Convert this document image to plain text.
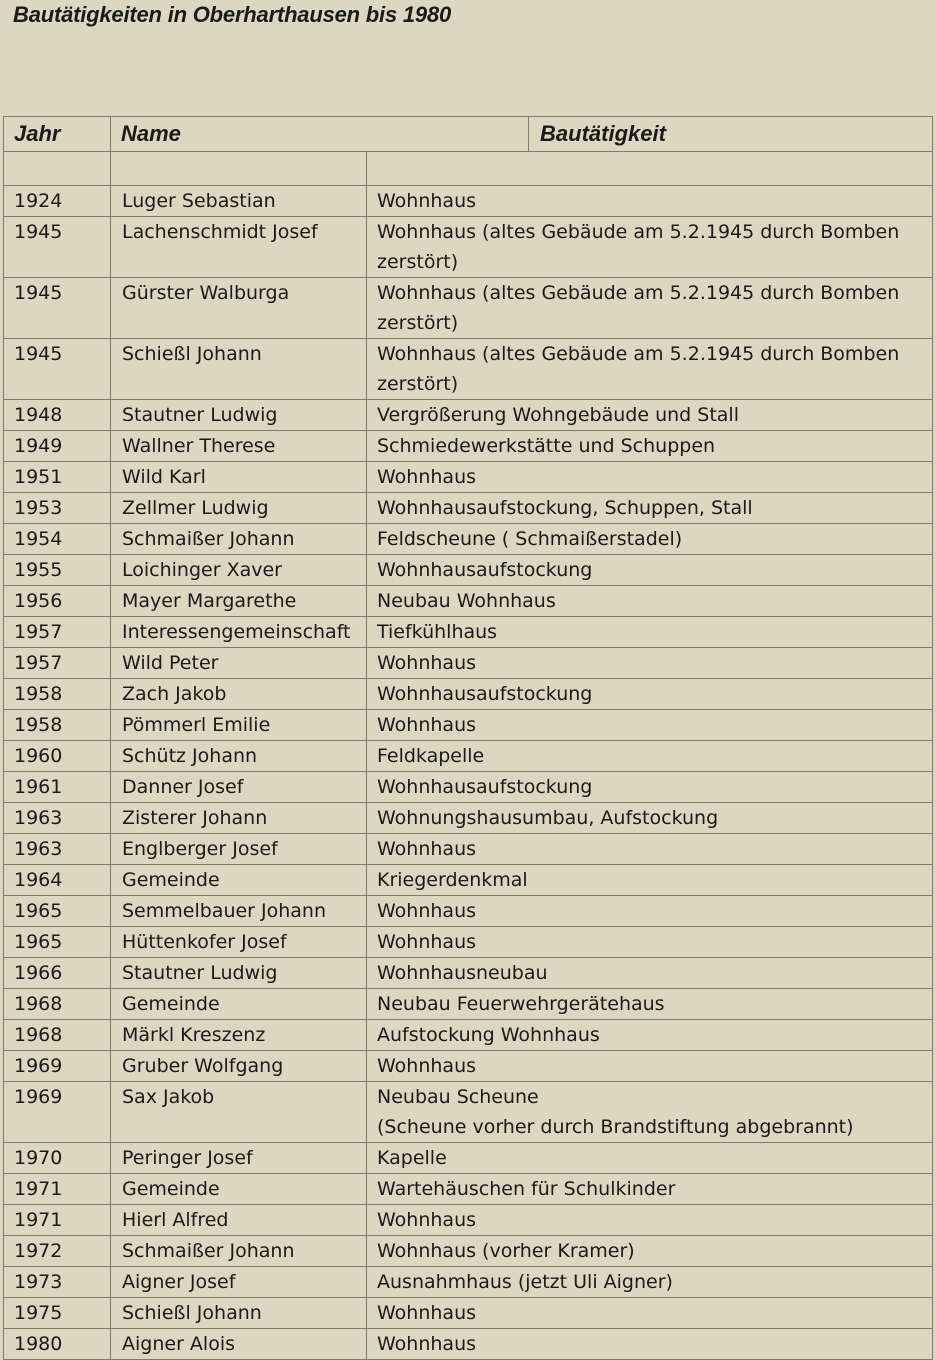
Bautätigkeiten in Oberharthausen bis 1980
Jahr	Name		Bautätigkeit

1924	Luger Sebastian	Wohnhaus	
1945	Lachenschmidt Josef	Wohnhaus (altes Gebäude am 5.2.1945 durch Bomben zerstört)	
1945	Gürster Walburga	Wohnhaus (altes Gebäude am 5.2.1945 durch Bomben zerstört)	
1945	Schießl Johann	Wohnhaus (altes Gebäude am 5.2.1945 durch Bomben zerstört)	
1948	Stautner Ludwig	Vergrößerung Wohngebäude und Stall	
1949	Wallner Therese	Schmiedewerkstätte und Schuppen	
1951	Wild Karl	Wohnhaus	
1953	Zellmer Ludwig	Wohnhausaufstockung, Schuppen, Stall	
1954	Schmaißer Johann	Feldscheune ( Schmaißerstadel)	
1955	Loichinger Xaver	Wohnhausaufstockung	
1956	Mayer Margarethe	Neubau Wohnhaus	
1957	Interessengemeinschaft	Tiefkühlhaus	
1957	Wild Peter	Wohnhaus	
1958	Zach Jakob	Wohnhausaufstockung	
1958	Pömmerl Emilie	Wohnhaus	
1960	Schütz Johann	Feldkapelle	
1961	Danner Josef	Wohnhausaufstockung	
1963	Zisterer Johann	Wohnungshausumbau, Aufstockung	
1963	Englberger Josef	Wohnhaus	
1964	Gemeinde	Kriegerdenkmal	
1965	Semmelbauer Johann	Wohnhaus	
1965	Hüttenkofer Josef	Wohnhaus	
1966	Stautner Ludwig	Wohnhausneubau	
1968	Gemeinde	Neubau Feuerwehrgerätehaus	
1968	Märkl Kreszenz	Aufstockung Wohnhaus	
1969	Gruber Wolfgang	Wohnhaus	
1969	Sax Jakob	Neubau Scheune
(Scheune vorher durch Brandstiftung abgebrannt)	
1970	Peringer Josef	Kapelle	
1971	Gemeinde	Wartehäuschen für Schulkinder	
1971	Hierl Alfred	Wohnhaus	
1972	Schmaißer Johann	Wohnhaus (vorher Kramer)	
1973	Aigner Josef	Ausnahmhaus (jetzt Uli Aigner)	
1975	Schießl Johann	Wohnhaus	
1980	Aigner Alois	Wohnhaus	
